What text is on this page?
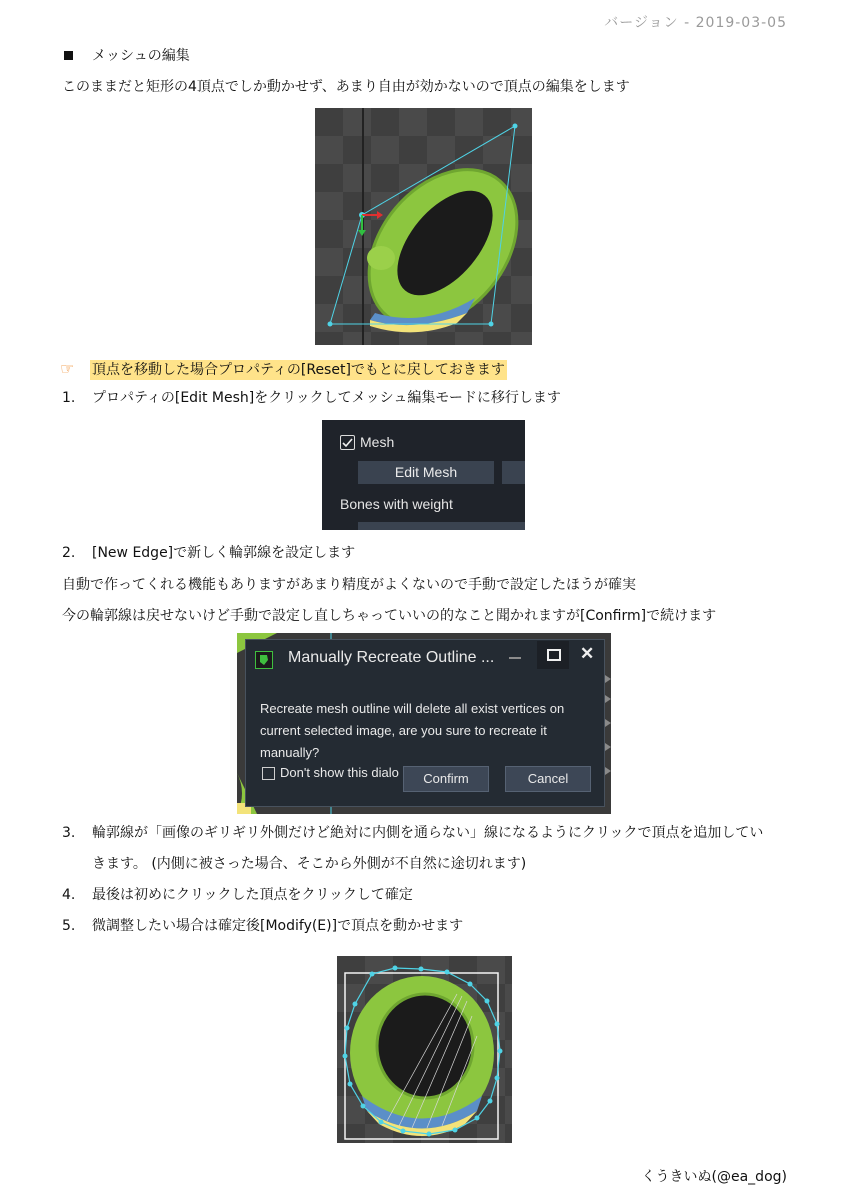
バージョン - 2019-03-05
メッシュの編集
このままだと矩形の4頂点でしか動かせず、あまり自由が効かないので頂点の編集をします
☞ 頂点を移動した場合プロパティの[Reset]でもとに戻しておきます
1.	プロパティの[Edit Mesh]をクリックしてメッシュ編集モードに移行します
Mesh
Edit Mesh
Bones with weight
2.	[New Edge]で新しく輪郭線を設定します
自動で作ってくれる機能もありますがあまり精度がよくないので手動で設定したほうが確実
今の輪郭線は戻せないけど手動で設定し直しちゃっていいの的なこと聞かれますが[Confirm]で続けます
Manually Recreate Outline ...	✕
Recreate mesh outline will delete all exist vertices on current selected image, are you sure to recreate it manually?
Don't show this dialo	Confirm	Cancel
3.	輪郭線が「画像のギリギリ外側だけど絶対に内側を通らない」線になるようにクリックで頂点を追加してい
きます。 (内側に被さった場合、そこから外側が不自然に途切れます)
4.	最後は初めにクリックした頂点をクリックして確定
5.	微調整したい場合は確定後[Modify(E)]で頂点を動かせます
くうきいぬ(@ea_dog)
